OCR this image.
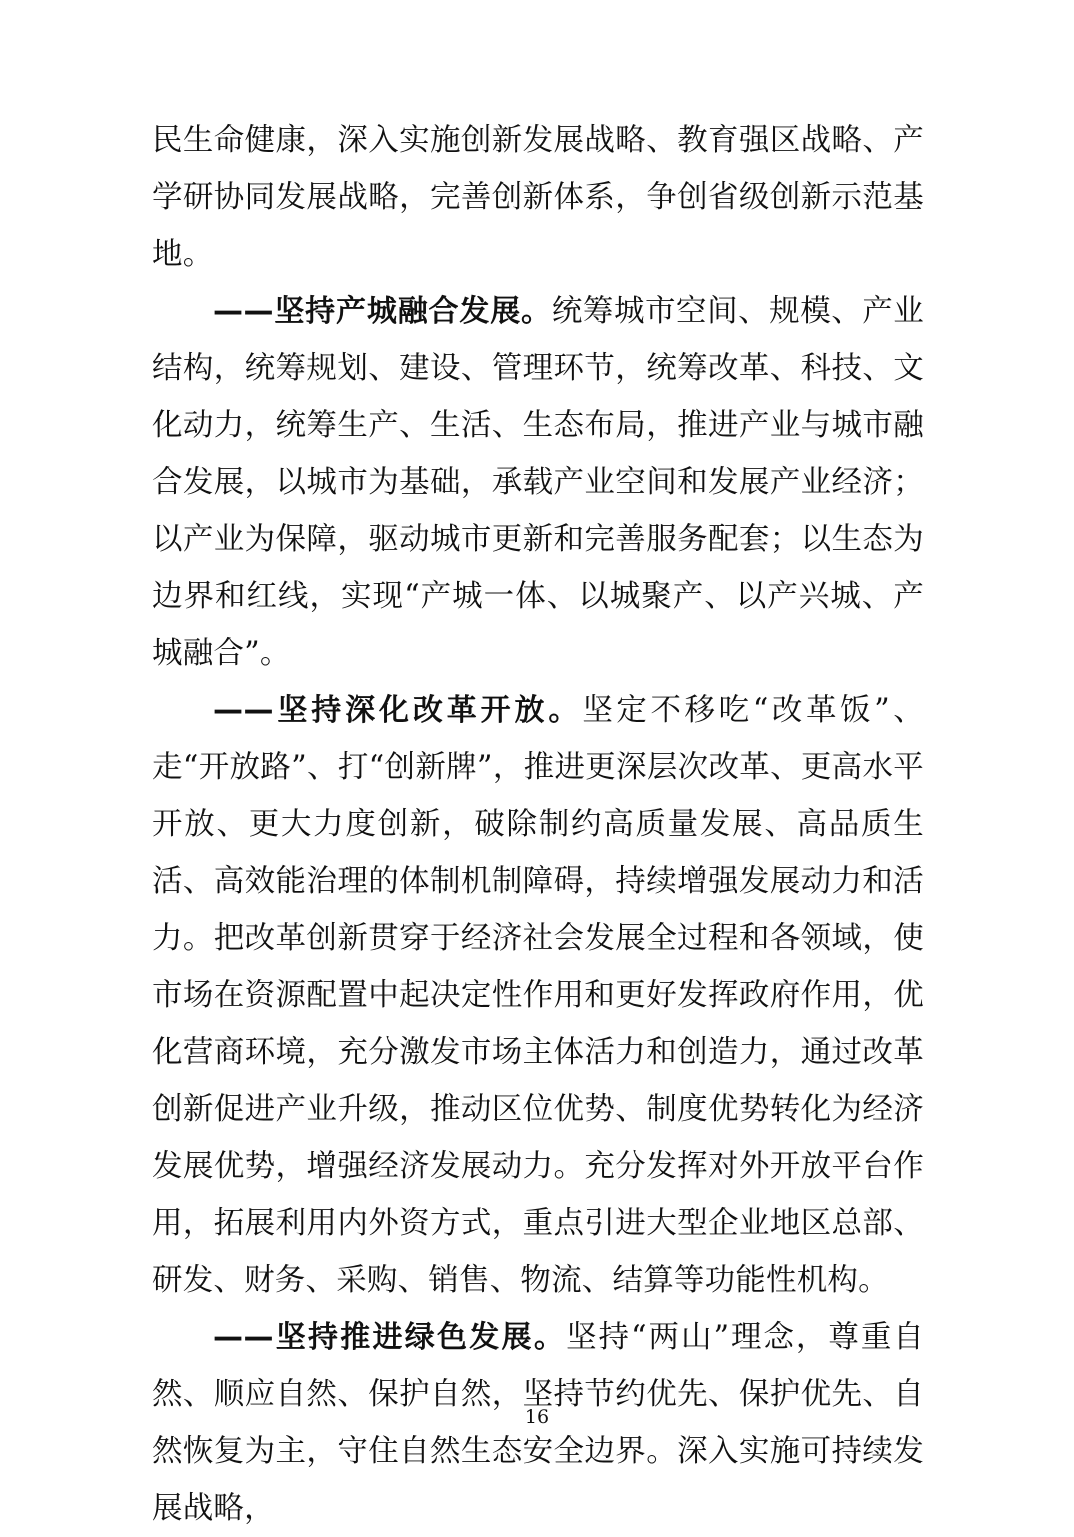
民生命健康，深入实施创新发展战略、教育强区战略、产学研协同发展战略，完善创新体系，争创省级创新示范基地。

——坚持产城融合发展。统筹城市空间、规模、产业结构，统筹规划、建设、管理环节，统筹改革、科技、文化动力，统筹生产、生活、生态布局，推进产业与城市融合发展，以城市为基础，承载产业空间和发展产业经济；以产业为保障，驱动城市更新和完善服务配套；以生态为边界和红线，实现“产城一体、以城聚产、以产兴城、产城融合”。

——坚持深化改革开放。坚定不移吃“改革饭”、走“开放路”、打“创新牌”，推进更深层次改革、更高水平开放、更大力度创新，破除制约高质量发展、高品质生活、高效能治理的体制机制障碍，持续增强发展动力和活力。把改革创新贯穿于经济社会发展全过程和各领域，使市场在资源配置中起决定性作用和更好发挥政府作用，优化营商环境，充分激发市场主体活力和创造力，通过改革创新促进产业升级，推动区位优势、制度优势转化为经济发展优势，增强经济发展动力。充分发挥对外开放平台作用，拓展利用内外资方式，重点引进大型企业地区总部、研发、财务、采购、销售、物流、结算等功能性机构。

——坚持推进绿色发展。坚持“两山”理念，尊重自然、顺应自然、保护自然，坚持节约优先、保护优先、自然恢复为主，守住自然生态安全边界。深入实施可持续发展战略，

16
